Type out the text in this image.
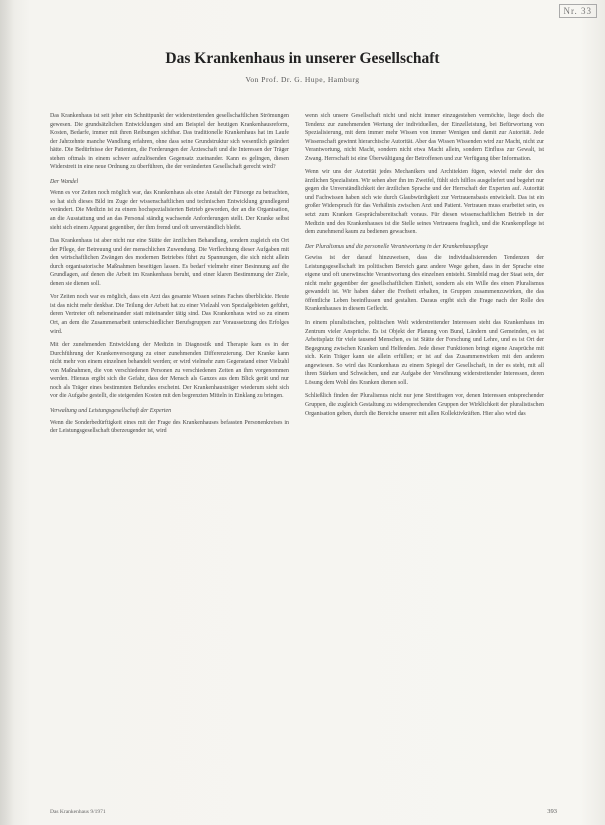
Nr. 33
Das Krankenhaus in unserer Gesellschaft
Von Prof. Dr. G. Hupe, Hamburg

Das Krankenhaus ist seit jeher ein Schnittpunkt der widerstreitenden gesellschaftlichen Strömungen gewesen. Die grundsätzlichen Entwicklungen sind am Beispiel der heutigen Krankenhausreform, Kosten, Bedarfe, immer mit ihren Reibungen sichtbar. Das traditionelle Krankenhaus hat im Laufe der Jahrzehnte manche Wandlung erfahren, ohne dass seine Grundstruktur sich wesentlich geändert hätte. Die Bedürfnisse der Patienten, die Forderungen der Ärzteschaft und die Interessen der Träger stehen oftmals in einem schwer aufzulösenden Gegensatz zueinander. Kann es gelingen, diesen Widerstreit in eine neue Ordnung zu überführen, die der veränderten Gesellschaft gerecht wird?

Der Wandel

Wenn es vor Zeiten noch möglich war, das Krankenhaus als eine Anstalt der Fürsorge zu betrachten, so hat sich dieses Bild im Zuge der wissenschaftlichen und technischen Entwicklung grundlegend verändert. Die Medizin ist zu einem hochspezialisierten Betrieb geworden, der an die Organisation, an die Ausstattung und an das Personal ständig wachsende Anforderungen stellt. Der Kranke selbst sieht sich einem Apparat gegenüber, der ihm fremd und oft unverständlich bleibt.

Das Krankenhaus ist aber nicht nur eine Stätte der ärztlichen Behandlung, sondern zugleich ein Ort der Pflege, der Betreuung und der menschlichen Zuwendung. Die Verflechtung dieser Aufgaben mit den wirtschaftlichen Zwängen des modernen Betriebes führt zu Spannungen, die sich nicht allein durch organisatorische Maßnahmen beseitigen lassen. Es bedarf vielmehr einer Besinnung auf die Grundlagen, auf denen die Arbeit im Krankenhaus beruht, und einer klaren Bestimmung der Ziele, denen sie dienen soll.

Vor Zeiten noch war es möglich, dass ein Arzt das gesamte Wissen seines Faches überblickte. Heute ist das nicht mehr denkbar. Die Teilung der Arbeit hat zu einer Vielzahl von Spezialgebieten geführt, deren Vertreter oft nebeneinander statt miteinander tätig sind. Das Krankenhaus wird so zu einem Ort, an dem die Zusammenarbeit unterschiedlicher Berufsgruppen zur Voraussetzung des Erfolges wird.

Mit der zunehmenden Entwicklung der Medizin in Diagnostik und Therapie kam es in der Durchführung der Krankenversorgung zu einer zunehmenden Differenzierung. Der Kranke kann nicht mehr von einem einzelnen behandelt werden; er wird vielmehr zum Gegenstand einer Vielzahl von Maßnahmen, die von verschiedenen Personen zu verschiedenen Zeiten an ihm vorgenommen werden. Hieraus ergibt sich die Gefahr, dass der Mensch als Ganzes aus dem Blick gerät und nur noch als Träger eines bestimmten Befundes erscheint. Der Krankenhausträger wiederum sieht sich vor die Aufgabe gestellt, die steigenden Kosten mit den begrenzten Mitteln in Einklang zu bringen.

Verwaltung und Leistungsgesellschaft der Experten

Wenn die Sonderbedürftigkeit eines mit der Frage des Krankenhauses befassten Personenkreises in der Leistungsgesellschaft überzeugender ist, wird

wenn sich unsere Gesellschaft nicht und nicht immer einzugestehen vermöchte, liege doch die Tendenz zur zunehmenden Wertung der individuellen, der Einzelleistung, bei Befürwortung von Spezialisierung, mit dem immer mehr Wissen von immer Wenigen und damit zur Autorität. Jede Wissenschaft gewinnt hierarchische Autorität. Aber das Wissen Wissenden wird zur Macht, nicht zur Verantwortung, nicht Macht, sondern nicht etwa Macht allein, sondern Einfluss zur Gewalt, ist Zwang. Herrschaft ist eine Überwältigung der Betroffenen und zur Verfügung über Information.

Wenn wir uns der Autorität jedes Mechanikers und Architekten fügen, wieviel mehr der des ärztlichen Spezialisten. Wir sehen aber ihn im Zweifel, fühlt sich hilflos ausgeliefert und begehrt nur gegen die Unverständlichkeit der ärztlichen Sprache und der Herrschaft der Experten auf. Autorität und Fachwissen haben sich wie durch Glaubwürdigkeit zur Vertrauensbasis entwickelt. Das ist ein großer Widerspruch für das Verhältnis zwischen Arzt und Patient. Vertrauen muss erarbeitet sein, es setzt zum Kranken Gesprächsbereitschaft voraus. Für diesen wissenschaftlichen Betrieb in der Medizin und des Krankenhauses ist die Stelle seines Vertrauens fraglich, und die Krankenpflege ist dem zunehmend kaum zu bedienen gewachsen.

Der Pluralismus und die personelle Verantwortung in der Krankenhauspflege

Gewiss ist der darauf hinzuweisen, dass die individualisierenden Tendenzen der Leistungsgesellschaft im politischen Bereich ganz andere Wege gehen, dass in der Sprache eine eigene und oft unerwünschte Verantwortung des einzelnen entsteht. Sinnbild mag der Staat sein, der nicht mehr gegenüber der gesellschaftlichen Einheit, sondern als ein Wille des einen Pluralismus gewandelt ist. Wir haben daher die Freiheit erhalten, in Gruppen zusammenzuwirken, die das öffentliche Leben beeinflussen und gestalten. Daraus ergibt sich die Frage nach der Rolle des Krankenhauses in diesem Geflecht.

In einem pluralistischen, politischen Welt widerstreitender Interessen steht das Krankenhaus im Zentrum vieler Ansprüche. Es ist Objekt der Planung von Bund, Ländern und Gemeinden, es ist Arbeitsplatz für viele tausend Menschen, es ist Stätte der Forschung und Lehre, und es ist Ort der Begegnung zwischen Kranken und Helfenden. Jede dieser Funktionen bringt eigene Ansprüche mit sich. Kein Träger kann sie allein erfüllen; er ist auf das Zusammenwirken mit den anderen angewiesen. So wird das Krankenhaus zu einem Spiegel der Gesellschaft, in der es steht, mit all ihren Stärken und Schwächen, und zur Aufgabe der Versöhnung widerstreitender Interessen, deren Lösung dem Wohl des Kranken dienen soll.

Schließlich finden der Pluralismus nicht nur jene Streitfragen vor, denen Interessen entsprechender Gruppen, die zugleich Gestaltung zu widersprechenden Gruppen der Wirklichkeit der pluralistischen Organisation geben, durch die Bereiche unserer mit allen Kollektivkräften. Hier also wird das

Das Krankenhaus 9/1971	393
